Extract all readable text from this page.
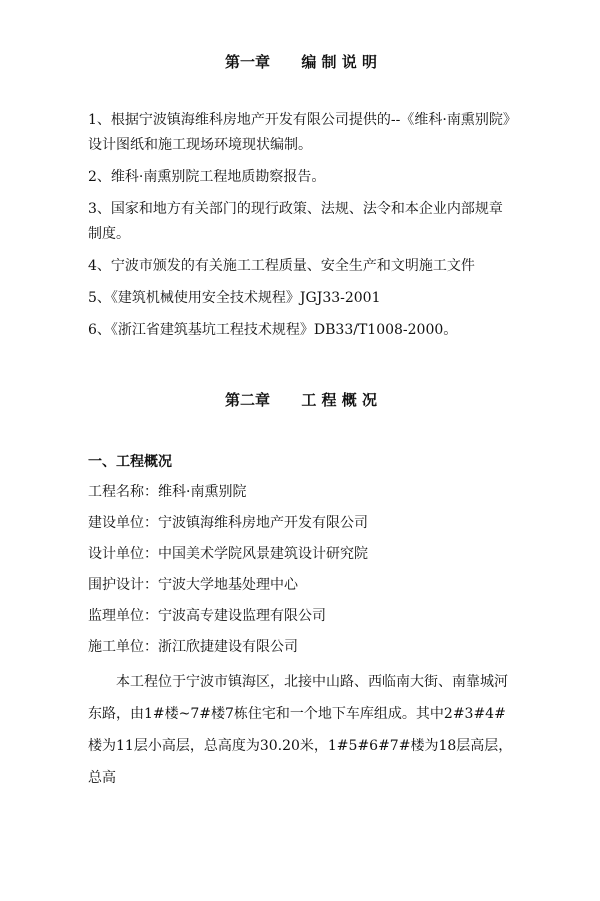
第一章      编 制 说 明

1、根据宁波镇海维科房地产开发有限公司提供的--《维科·南熏别院》设计图纸和施工现场环境现状编制。

2、维科·南熏别院工程地质勘察报告。

3、国家和地方有关部门的现行政策、法规、法令和本企业内部规章制度。

4、宁波市颁发的有关施工工程质量、安全生产和文明施工文件

5、《建筑机械使用安全技术规程》JGJ33-2001

6、《浙江省建筑基坑工程技术规程》DB33/T1008-2000。

第二章      工 程 概 况
一、工程概况

工程名称：维科·南熏别院

建设单位：宁波镇海维科房地产开发有限公司

设计单位：中国美术学院风景建筑设计研究院

围护设计：宁波大学地基处理中心

监理单位：宁波高专建设监理有限公司

施工单位：浙江欣捷建设有限公司

本工程位于宁波市镇海区，北接中山路、西临南大街、南靠城河东路，由1#楼~7#楼7栋住宅和一个地下车库组成。其中2#3#4#楼为11层小高层，总高度为30.20米，1#5#6#7#楼为18层高层，总高
